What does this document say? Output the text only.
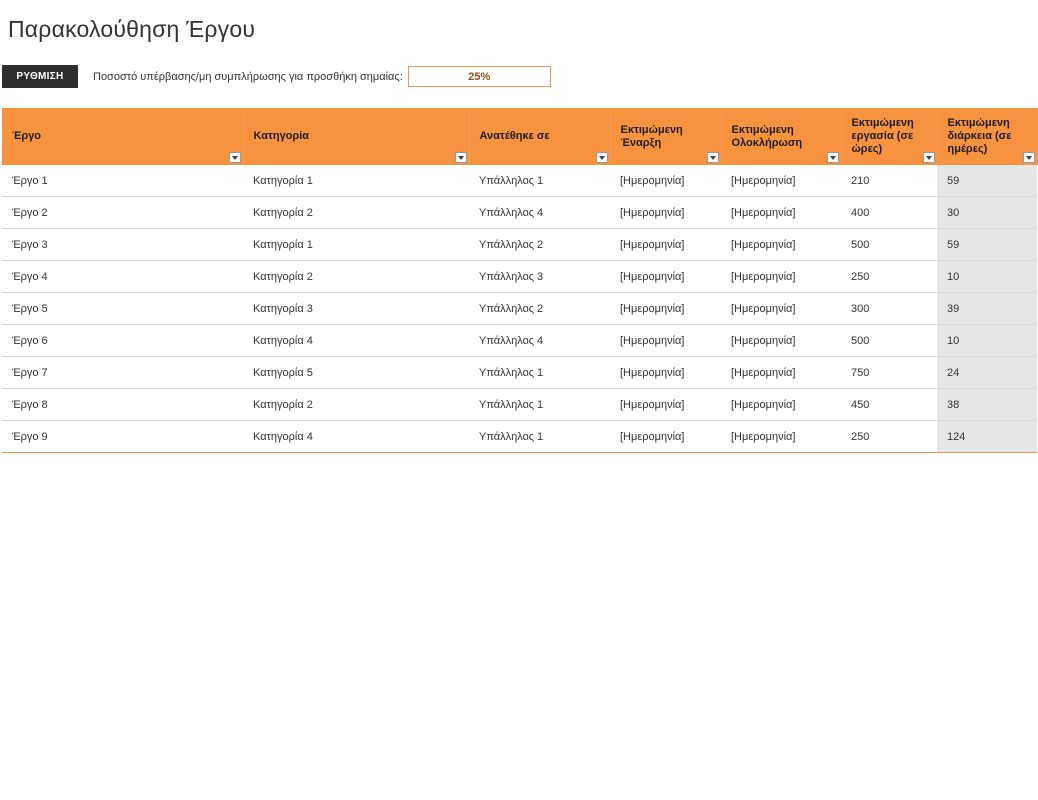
Παρακολούθηση Έργου
ΡΥΘΜΙΣΗ	Ποσοστό υπέρβασης/μη συμπλήρωσης για προσθήκη σημαίας:
25%
Έργο	Κατηγορία	Ανατέθηκε σε	Εκτιμώμενη Έναρξη	Εκτιμώμενη Ολοκλήρωση	Εκτιμώμενη εργασία (σε ώρες)	Εκτιμώμενη διάρκεια (σε ημέρες)

Έργο 1	Κατηγορία 1	Υπάλληλος 1	[Ημερομηνία]	[Ημερομηνία]	210	59
Έργο 2	Κατηγορία 2	Υπάλληλος 4	[Ημερομηνία]	[Ημερομηνία]	400	30
Έργο 3	Κατηγορία 1	Υπάλληλος 2	[Ημερομηνία]	[Ημερομηνία]	500	59
Έργο 4	Κατηγορία 2	Υπάλληλος 3	[Ημερομηνία]	[Ημερομηνία]	250	10
Έργο 5	Κατηγορία 3	Υπάλληλος 2	[Ημερομηνία]	[Ημερομηνία]	300	39
Έργο 6	Κατηγορία 4	Υπάλληλος 4	[Ημερομηνία]	[Ημερομηνία]	500	10
Έργο 7	Κατηγορία 5	Υπάλληλος 1	[Ημερομηνία]	[Ημερομηνία]	750	24
Έργο 8	Κατηγορία 2	Υπάλληλος 1	[Ημερομηνία]	[Ημερομηνία]	450	38
Έργο 9	Κατηγορία 4	Υπάλληλος 1	[Ημερομηνία]	[Ημερομηνία]	250	124
